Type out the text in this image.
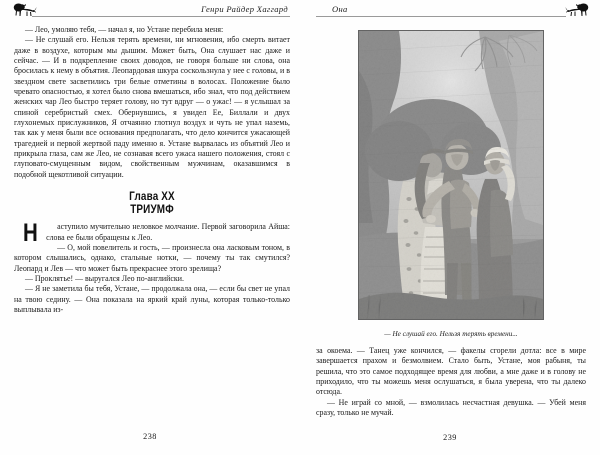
Генри Райдер Хаггард

— Лео, умоляю тебя, — начал я, но Устане перебила меня:

— Не слушай его. Нельзя терять времени, ни мгновения, ибо смерть витает даже в воздухе, которым мы дышим. Может быть, Она слушает нас даже и сейчас. — И в подкрепление своих доводов, не говоря больше ни слова, она бросилась к нему в объятия. Леопардовая шкура соскользнула у нее с головы, и в звездном свете засветились три белые отметины в волосах. Положение было чревато опасностью, я хотел было снова вмешаться, ибо знал, что под действием женских чар Лео быстро теряет голову, но тут вдруг — о ужас! — я услышал за спиной серебристый смех. Обернувшись, я увидел Ее, Биллали и двух глухонемых прислужников, Я отчаянно глотнул воздух и чуть не упал наземь, так как у меня были все основания предполагать, что дело кончится ужасающей трагедией и первой жертвой паду именно я. Устане вырвалась из объятий Лео и прикрыла глаза, сам же Лео, не сознавая всего ужаса нашего положения, стоял с глуповато-смущенным видом, свойственным мужчинам, оказавшимся в подобной щекотливой ситуации.

Глава XX
ТРИУМФ

Н аступило мучительно неловкое молчание. Первой заговорила Айша: слова ее были обращены к Лео.

— О, мой повелитель и гость, — произнесла она ласковым тоном, в котором слышались, однако, стальные нотки, — почему ты так смутился? Леопард и Лев — что может быть прекраснее этого зрелища?

— Проклятье! — выругался Лео по-английски.

— Я не заметила бы тебя, Устане, — продолжала она, — если бы свет не упал на твою седину. — Она показала на яркий край луны, которая только-только выплывала из-

238
Она
— Не слушай его. Нельзя терять времени...

за окоема. — Танец уже кончился, — факелы сгорели дотла: все в мире завершается прахом и безмолвием. Стало быть, Устане, моя рабыня, ты решила, что это самое подходящее время для любви, а мне даже и в голову не приходило, что ты можешь меня ослушаться, я была уверена, что ты далеко отсюда.

— Не играй со мной, — взмолилась несчастная девушка. — Убей меня сразу, только не мучай.

239
